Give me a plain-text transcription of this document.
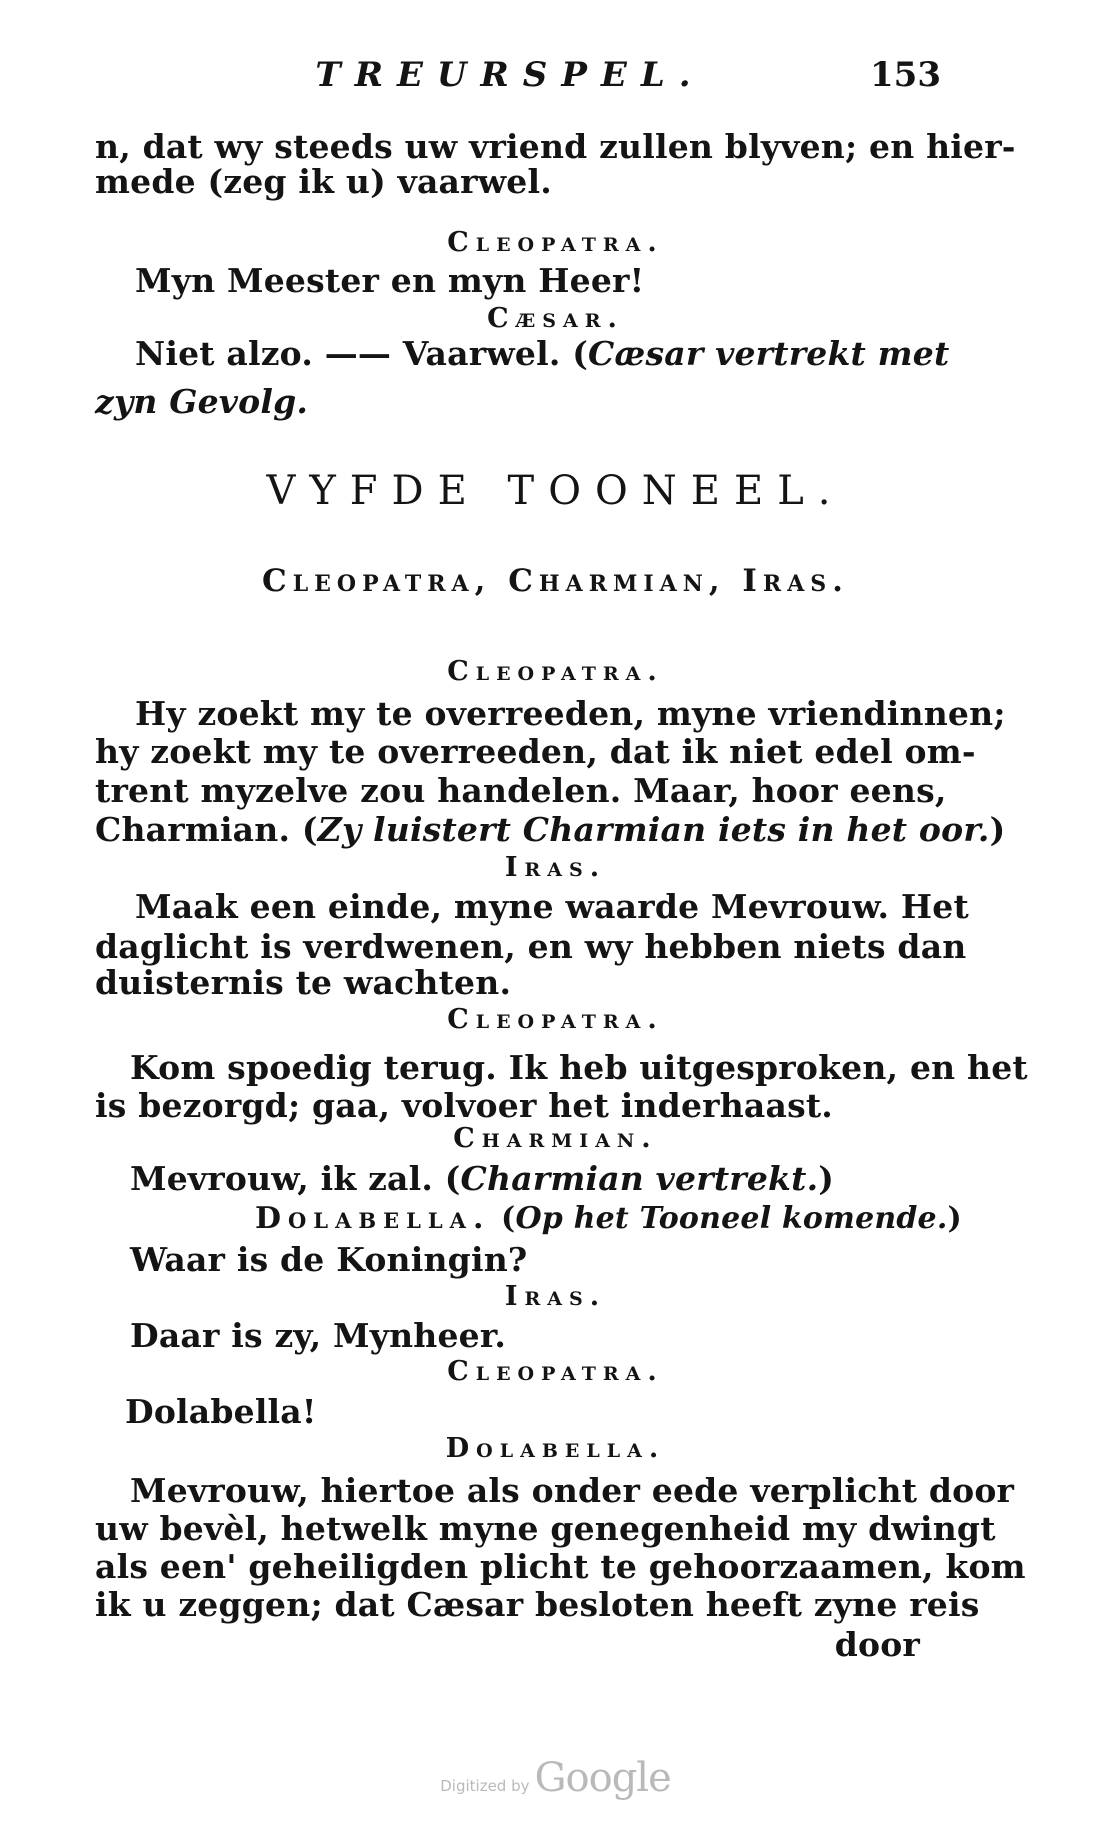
TREURSPEL.	153
n, dat wy steeds uw vriend zullen blyven; en hier-
mede (zeg ik u) vaarwel.
Cleopatra.
Myn Meester en myn Heer!
Cæsar.
Niet alzo. —— Vaarwel. (Cæsar vertrekt met
zyn Gevolg.
VYFDE TOONEEL.
Cleopatra, Charmian, Iras.
Cleopatra.
Hy zoekt my te overreeden, myne vriendinnen;
hy zoekt my te overreeden, dat ik niet edel om-
trent myzelve zou handelen. Maar, hoor eens,
Charmian. (Zy luistert Charmian iets in het oor.)
Iras.
Maak een einde, myne waarde Mevrouw. Het
daglicht is verdwenen, en wy hebben niets dan
duisternis te wachten.
Cleopatra.
Kom spoedig terug. Ik heb uitgesproken, en het
is bezorgd; gaa, volvoer het inderhaast.
Charmian.
Mevrouw, ik zal. (Charmian vertrekt.)
Dolabella. (Op het Tooneel komende.)
Waar is de Koningin?
Iras.
Daar is zy, Mynheer.
Cleopatra.
Dolabella!
Dolabella.
Mevrouw, hiertoe als onder eede verplicht door
uw bevèl, hetwelk myne genegenheid my dwingt
als een' geheiligden plicht te gehoorzaamen, kom
ik u zeggen; dat Cæsar besloten heeft zyne reis
door
Digitized by Google
